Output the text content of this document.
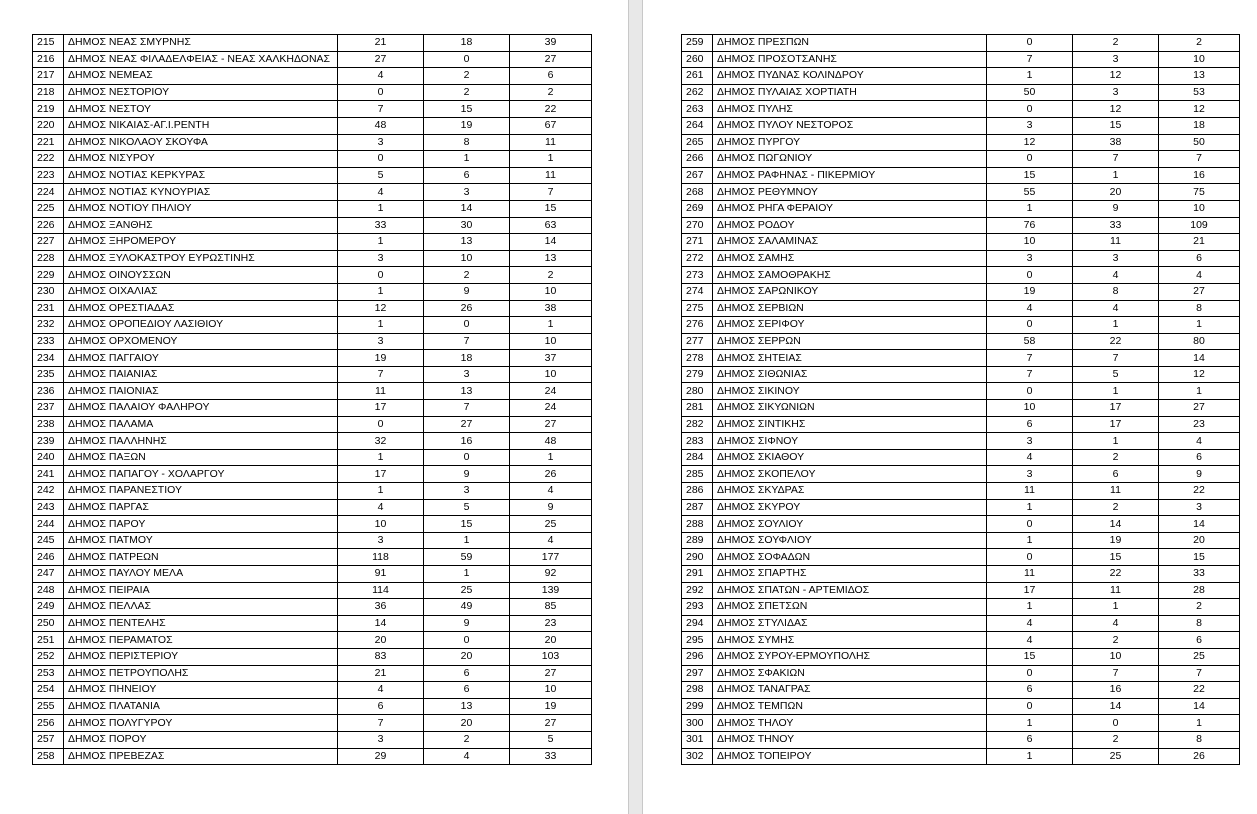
215	ΔΗΜΟΣ ΝΕΑΣ ΣΜΥΡΝΗΣ	21	18	39
216	ΔΗΜΟΣ ΝΕΑΣ ΦΙΛΑΔΕΛΦΕΙΑΣ - ΝΕΑΣ ΧΑΛΚΗΔΟΝΑΣ	27	0	27
217	ΔΗΜΟΣ ΝΕΜΕΑΣ	4	2	6
218	ΔΗΜΟΣ ΝΕΣΤΟΡΙΟΥ	0	2	2
219	ΔΗΜΟΣ ΝΕΣΤΟΥ	7	15	22
220	ΔΗΜΟΣ ΝΙΚΑΙΑΣ-ΑΓ.Ι.ΡΕΝΤΗ	48	19	67
221	ΔΗΜΟΣ ΝΙΚΟΛΑΟΥ ΣΚΟΥΦΑ	3	8	11
222	ΔΗΜΟΣ ΝΙΣΥΡΟΥ	0	1	1
223	ΔΗΜΟΣ ΝΟΤΙΑΣ ΚΕΡΚΥΡΑΣ	5	6	11
224	ΔΗΜΟΣ ΝΟΤΙΑΣ ΚΥΝΟΥΡΙΑΣ	4	3	7
225	ΔΗΜΟΣ ΝΟΤΙΟΥ ΠΗΛΙΟΥ	1	14	15
226	ΔΗΜΟΣ ΞΑΝΘΗΣ	33	30	63
227	ΔΗΜΟΣ ΞΗΡΟΜΕΡΟΥ	1	13	14
228	ΔΗΜΟΣ ΞΥΛΟΚΑΣΤΡΟΥ ΕΥΡΩΣΤΙΝΗΣ	3	10	13
229	ΔΗΜΟΣ ΟΙΝΟΥΣΣΩΝ	0	2	2
230	ΔΗΜΟΣ ΟΙΧΑΛΙΑΣ	1	9	10
231	ΔΗΜΟΣ ΟΡΕΣΤΙΑΔΑΣ	12	26	38
232	ΔΗΜΟΣ ΟΡΟΠΕΔΙΟΥ ΛΑΣΙΘΙΟΥ	1	0	1
233	ΔΗΜΟΣ ΟΡΧΟΜΕΝΟΥ	3	7	10
234	ΔΗΜΟΣ ΠΑΓΓΑΙΟΥ	19	18	37
235	ΔΗΜΟΣ ΠΑΙΑΝΙΑΣ	7	3	10
236	ΔΗΜΟΣ ΠΑΙΟΝΙΑΣ	11	13	24
237	ΔΗΜΟΣ ΠΑΛΑΙΟΥ ΦΑΛΗΡΟΥ	17	7	24
238	ΔΗΜΟΣ ΠΑΛΑΜΑ	0	27	27
239	ΔΗΜΟΣ ΠΑΛΛΗΝΗΣ	32	16	48
240	ΔΗΜΟΣ ΠΑΞΩΝ	1	0	1
241	ΔΗΜΟΣ ΠΑΠΑΓΟΥ - ΧΟΛΑΡΓΟΥ	17	9	26
242	ΔΗΜΟΣ ΠΑΡΑΝΕΣΤΙΟΥ	1	3	4
243	ΔΗΜΟΣ ΠΑΡΓΑΣ	4	5	9
244	ΔΗΜΟΣ ΠΑΡΟΥ	10	15	25
245	ΔΗΜΟΣ ΠΑΤΜΟΥ	3	1	4
246	ΔΗΜΟΣ ΠΑΤΡΕΩΝ	118	59	177
247	ΔΗΜΟΣ ΠΑΥΛΟΥ ΜΕΛΑ	91	1	92
248	ΔΗΜΟΣ ΠΕΙΡΑΙΑ	114	25	139
249	ΔΗΜΟΣ ΠΕΛΛΑΣ	36	49	85
250	ΔΗΜΟΣ ΠΕΝΤΕΛΗΣ	14	9	23
251	ΔΗΜΟΣ ΠΕΡΑΜΑΤΟΣ	20	0	20
252	ΔΗΜΟΣ ΠΕΡΙΣΤΕΡΙΟΥ	83	20	103
253	ΔΗΜΟΣ ΠΕΤΡΟΥΠΟΛΗΣ	21	6	27
254	ΔΗΜΟΣ ΠΗΝΕΙΟΥ	4	6	10
255	ΔΗΜΟΣ ΠΛΑΤΑΝΙΑ	6	13	19
256	ΔΗΜΟΣ ΠΟΛΥΓΥΡΟΥ	7	20	27
257	ΔΗΜΟΣ ΠΟΡΟΥ	3	2	5
258	ΔΗΜΟΣ ΠΡΕΒΕΖΑΣ	29	4	33
259	ΔΗΜΟΣ ΠΡΕΣΠΩΝ	0	2	2
260	ΔΗΜΟΣ ΠΡΟΣΟΤΣΑΝΗΣ	7	3	10
261	ΔΗΜΟΣ ΠΥΔΝΑΣ ΚΟΛΙΝΔΡΟΥ	1	12	13
262	ΔΗΜΟΣ ΠΥΛΑΙΑΣ ΧΟΡΤΙΑΤΗ	50	3	53
263	ΔΗΜΟΣ ΠΥΛΗΣ	0	12	12
264	ΔΗΜΟΣ ΠΥΛΟΥ ΝΕΣΤΟΡΟΣ	3	15	18
265	ΔΗΜΟΣ ΠΥΡΓΟΥ	12	38	50
266	ΔΗΜΟΣ ΠΩΓΩΝΙΟΥ	0	7	7
267	ΔΗΜΟΣ ΡΑΦΗΝΑΣ - ΠΙΚΕΡΜΙΟΥ	15	1	16
268	ΔΗΜΟΣ ΡΕΘΥΜΝΟΥ	55	20	75
269	ΔΗΜΟΣ ΡΗΓΑ ΦΕΡΑΙΟΥ	1	9	10
270	ΔΗΜΟΣ ΡΟΔΟΥ	76	33	109
271	ΔΗΜΟΣ ΣΑΛΑΜΙΝΑΣ	10	11	21
272	ΔΗΜΟΣ ΣΑΜΗΣ	3	3	6
273	ΔΗΜΟΣ ΣΑΜΟΘΡΑΚΗΣ	0	4	4
274	ΔΗΜΟΣ ΣΑΡΩΝΙΚΟΥ	19	8	27
275	ΔΗΜΟΣ ΣΕΡΒΙΩΝ	4	4	8
276	ΔΗΜΟΣ ΣΕΡΙΦΟΥ	0	1	1
277	ΔΗΜΟΣ ΣΕΡΡΩΝ	58	22	80
278	ΔΗΜΟΣ ΣΗΤΕΙΑΣ	7	7	14
279	ΔΗΜΟΣ ΣΙΘΩΝΙΑΣ	7	5	12
280	ΔΗΜΟΣ ΣΙΚΙΝΟΥ	0	1	1
281	ΔΗΜΟΣ ΣΙΚΥΩΝΙΩΝ	10	17	27
282	ΔΗΜΟΣ ΣΙΝΤΙΚΗΣ	6	17	23
283	ΔΗΜΟΣ ΣΙΦΝΟΥ	3	1	4
284	ΔΗΜΟΣ ΣΚΙΑΘΟΥ	4	2	6
285	ΔΗΜΟΣ ΣΚΟΠΕΛΟΥ	3	6	9
286	ΔΗΜΟΣ ΣΚΥΔΡΑΣ	11	11	22
287	ΔΗΜΟΣ ΣΚΥΡΟΥ	1	2	3
288	ΔΗΜΟΣ ΣΟΥΛΙΟΥ	0	14	14
289	ΔΗΜΟΣ ΣΟΥΦΛΙΟΥ	1	19	20
290	ΔΗΜΟΣ ΣΟΦΑΔΩΝ	0	15	15
291	ΔΗΜΟΣ ΣΠΑΡΤΗΣ	11	22	33
292	ΔΗΜΟΣ ΣΠΑΤΩΝ - ΑΡΤΕΜΙΔΟΣ	17	11	28
293	ΔΗΜΟΣ ΣΠΕΤΣΩΝ	1	1	2
294	ΔΗΜΟΣ ΣΤΥΛΙΔΑΣ	4	4	8
295	ΔΗΜΟΣ ΣΥΜΗΣ	4	2	6
296	ΔΗΜΟΣ ΣΥΡΟΥ-ΕΡΜΟΥΠΟΛΗΣ	15	10	25
297	ΔΗΜΟΣ ΣΦΑΚΙΩΝ	0	7	7
298	ΔΗΜΟΣ ΤΑΝΑΓΡΑΣ	6	16	22
299	ΔΗΜΟΣ ΤΕΜΠΩΝ	0	14	14
300	ΔΗΜΟΣ ΤΗΛΟΥ	1	0	1
301	ΔΗΜΟΣ ΤΗΝΟΥ	6	2	8
302	ΔΗΜΟΣ ΤΟΠΕΙΡΟΥ	1	25	26
